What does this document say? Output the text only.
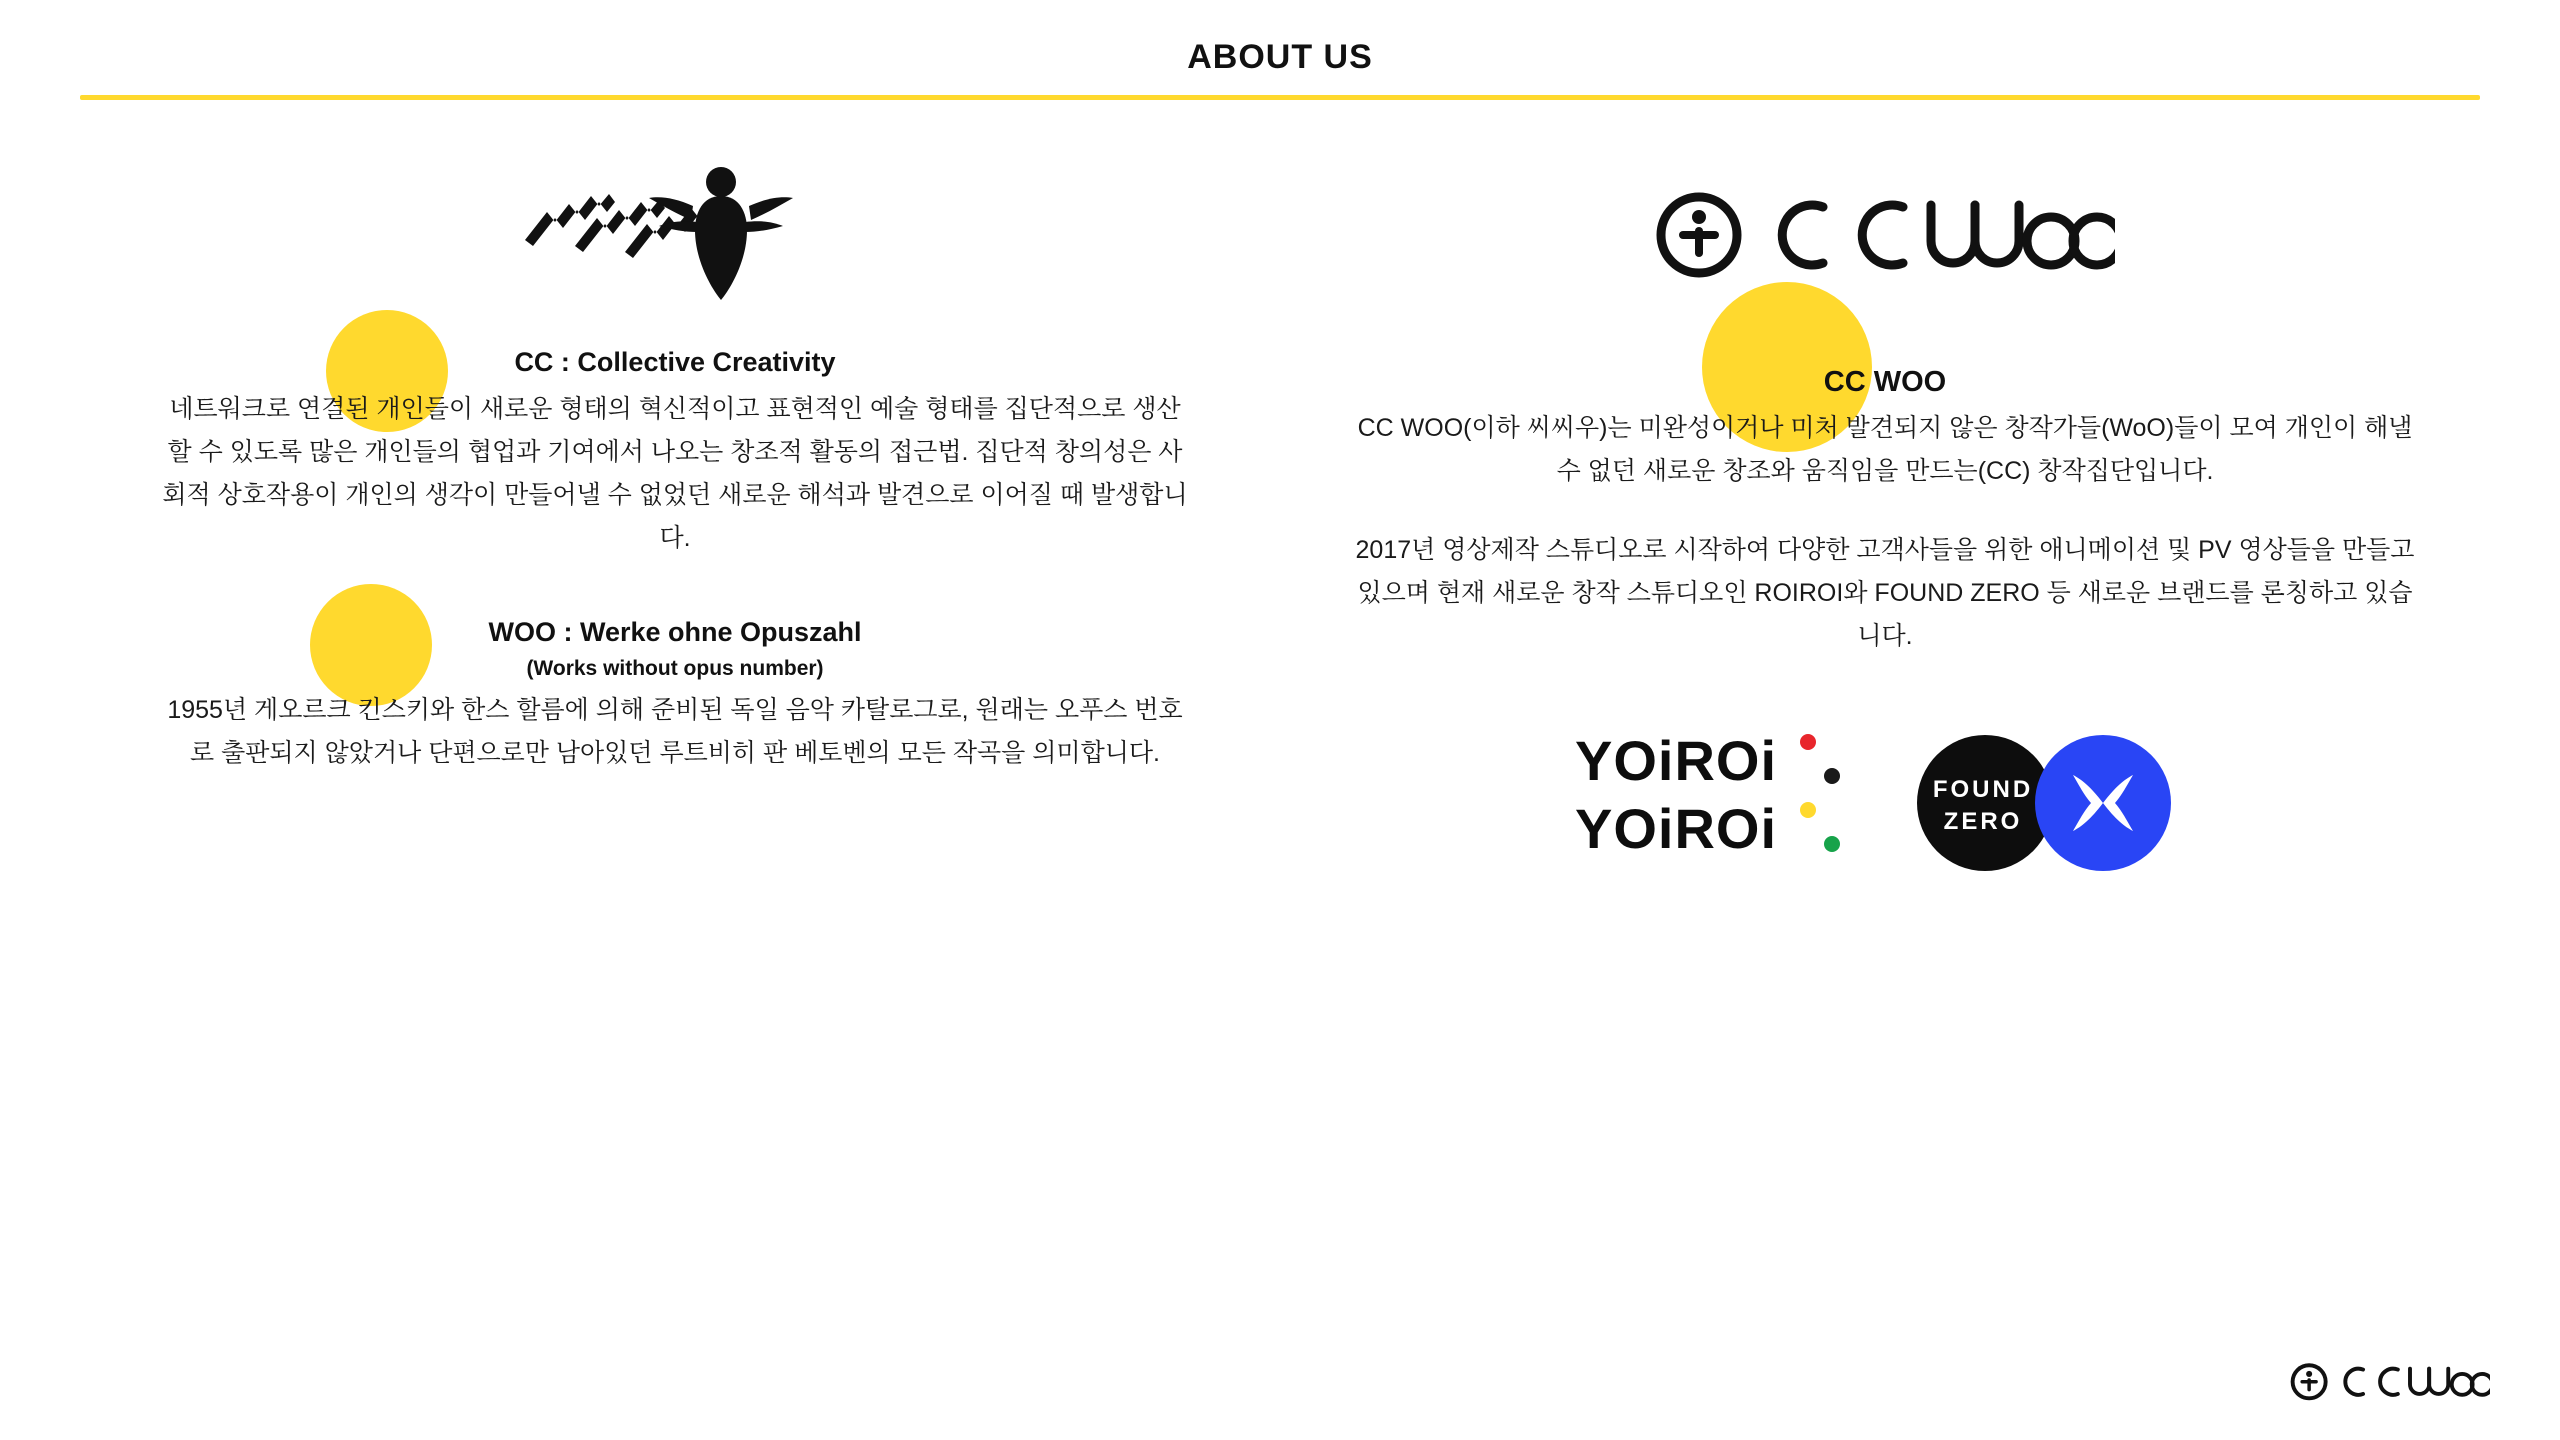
ABOUT US
CC : Collective Creativity
네트워크로 연결된 개인들이 새로운 형태의 혁신적이고 표현적인 예술 형태를 집단적으로 생산할 수 있도록 많은 개인들의 협업과 기여에서 나오는 창조적 활동의 접근법. 집단적 창의성은 사회적 상호작용이 개인의 생각이 만들어낼 수 없었던 새로운 해석과 발견으로 이어질 때 발생합니다.
WOO : Werke ohne Opuszahl
(Works without opus number)
1955년 게오르크 킨스키와 한스 할름에 의해 준비된 독일 음악 카탈로그로, 원래는 오푸스 번호로 출판되지 않았거나 단편으로만 남아있던 루트비히 판 베토벤의 모든 작곡을 의미합니다.
CC WOO
CC WOO(이하 씨씨우)는 미완성이거나 미처 발견되지 않은 창작가들(WoO)들이 모여 개인이 해낼 수 없던 새로운 창조와 움직임을 만드는(CC) 창작집단입니다.
2017년 영상제작 스튜디오로 시작하여 다양한 고객사들을 위한 애니메이션 및 PV 영상들을 만들고 있으며 현재 새로운 창작 스튜디오인 ROIROI와 FOUND ZERO 등 새로운 브랜드를 론칭하고 있습니다.
YOiROi
YOiROi
FOUND
ZERO
